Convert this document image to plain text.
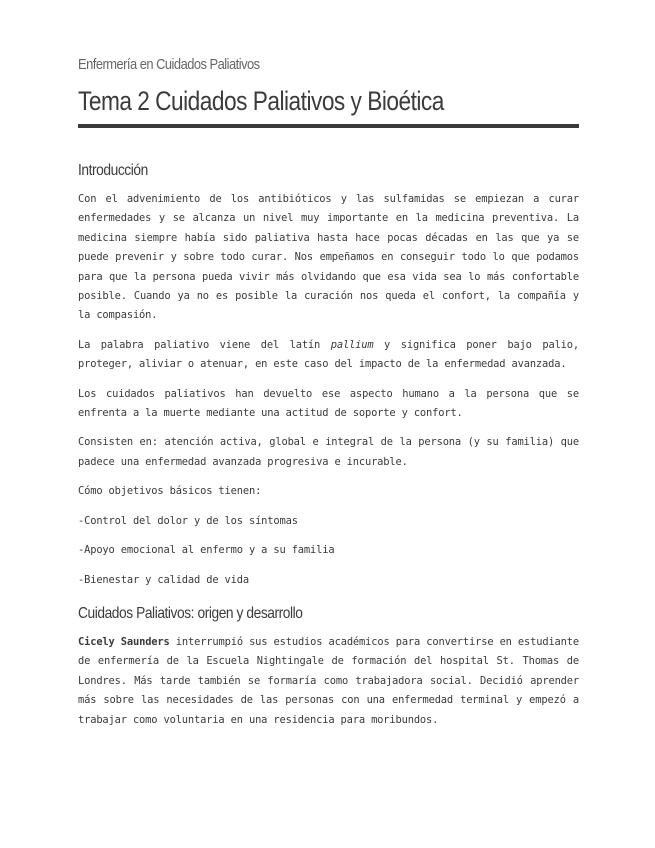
Enfermería en Cuidados Paliativos
Tema 2 Cuidados Paliativos y Bioética
Introducción

Con el advenimiento de los antibióticos y las sulfamidas se empiezan a curar enfermedades y se alcanza un nivel muy importante en la medicina preventiva. La medicina siempre había sido paliativa hasta hace pocas décadas en las que ya se puede prevenir y sobre todo curar. Nos empeñamos en conseguir todo lo que podamos para que la persona pueda vivir más olvidando que esa vida sea lo más confortable posible. Cuando ya no es posible la curación nos queda el confort, la compañía y la compasión.

La palabra paliativo viene del latín pallium y significa poner bajo palio, proteger, aliviar o atenuar, en este caso del impacto de la enfermedad avanzada.

Los cuidados paliativos han devuelto ese aspecto humano a la persona que se enfrenta a la muerte mediante una actitud de soporte y confort.

Consisten en: atención activa, global e integral de la persona (y su familia) que padece una enfermedad avanzada progresiva e incurable.

Cómo objetivos básicos tienen:

-Control del dolor y de los síntomas

-Apoyo emocional al enfermo y a su familia

-Bienestar y calidad de vida

Cuidados Paliativos: origen y desarrollo

Cicely Saunders interrumpió sus estudios académicos para convertirse en estudiante de enfermería de la Escuela Nightingale de formación del hospital St. Thomas de Londres. Más tarde también se formaría como trabajadora social. Decidió aprender más sobre las necesidades de las personas con una enfermedad terminal y empezó a trabajar como voluntaria en una residencia para moribundos.
